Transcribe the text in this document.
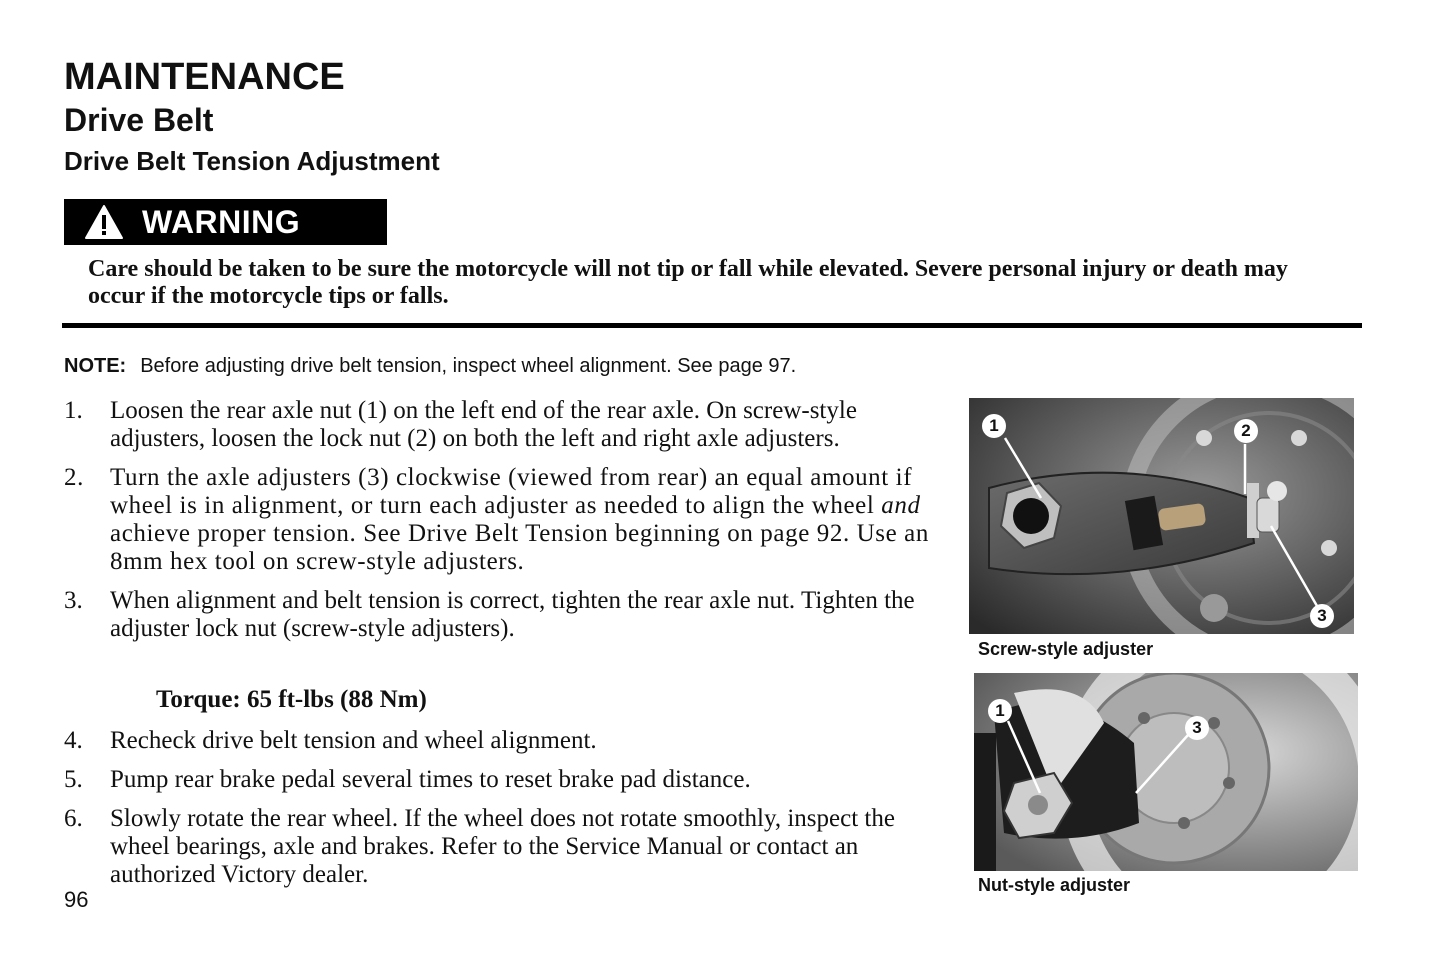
MAINTENANCE
Drive Belt
Drive Belt Tension Adjustment
WARNING
Care should be taken to be sure the motorcycle will not tip or fall while elevated. Severe personal injury or death may occur if the motorcycle tips or falls.
NOTE: Before adjusting drive belt tension, inspect wheel alignment. See page 97.
1. Loosen the rear axle nut (1) on the left end of the rear axle. On screw-style adjusters, loosen the lock nut (2) on both the left and right axle adjusters.
2. Turn the axle adjusters (3) clockwise (viewed from rear) an equal amount if wheel is in alignment, or turn each adjuster as needed to align the wheel and achieve proper tension. See Drive Belt Tension beginning on page 92. Use an 8mm hex tool on screw-style adjusters.
3. When alignment and belt tension is correct, tighten the rear axle nut. Tighten the adjuster lock nut (screw-style adjusters).
Torque: 65 ft-lbs (88 Nm)
4. Recheck drive belt tension and wheel alignment.
5. Pump rear brake pedal several times to reset brake pad distance.
6. Slowly rotate the rear wheel. If the wheel does not rotate smoothly, inspect the wheel bearings, axle and brakes. Refer to the Service Manual or contact an authorized Victory dealer.
96
1	2
3
Screw-style adjuster
1
3
Nut-style adjuster
